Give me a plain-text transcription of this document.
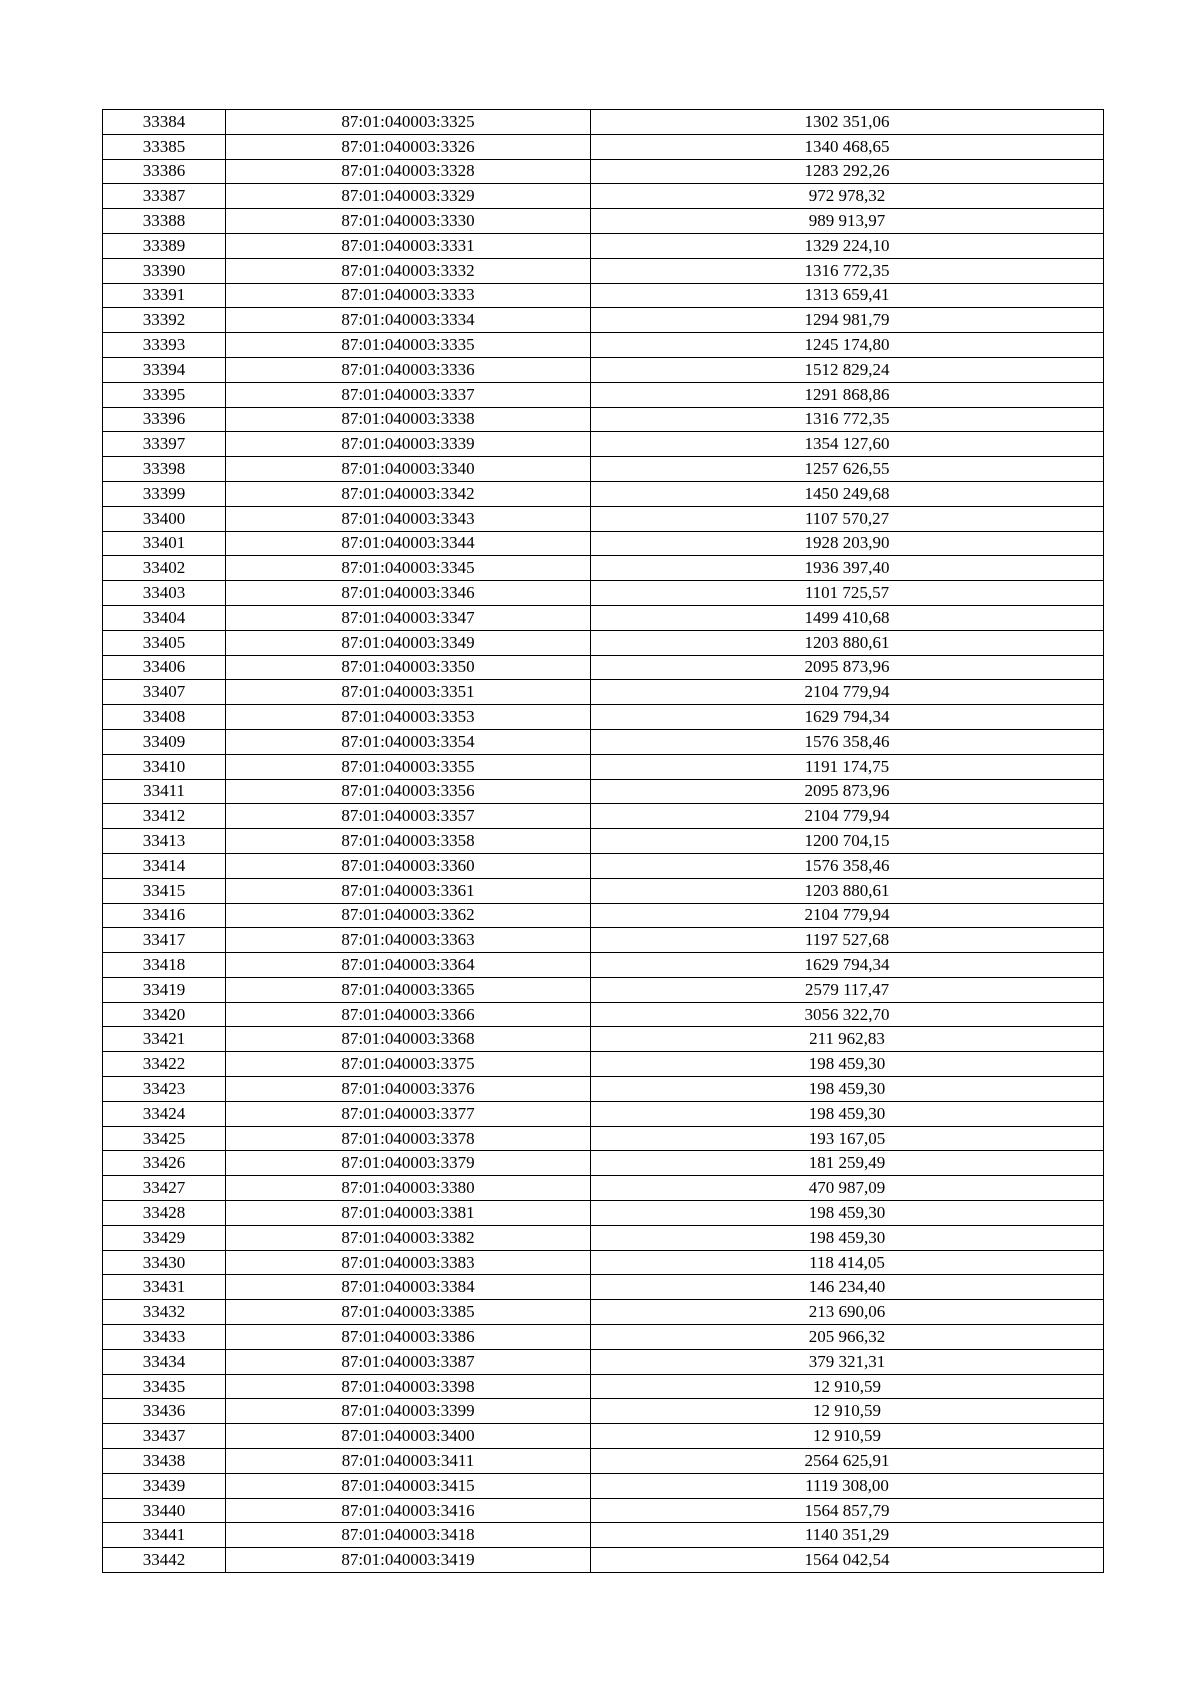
33384	87:01:040003:3325	1302 351,06
33385	87:01:040003:3326	1340 468,65
33386	87:01:040003:3328	1283 292,26
33387	87:01:040003:3329	972 978,32
33388	87:01:040003:3330	989 913,97
33389	87:01:040003:3331	1329 224,10
33390	87:01:040003:3332	1316 772,35
33391	87:01:040003:3333	1313 659,41
33392	87:01:040003:3334	1294 981,79
33393	87:01:040003:3335	1245 174,80
33394	87:01:040003:3336	1512 829,24
33395	87:01:040003:3337	1291 868,86
33396	87:01:040003:3338	1316 772,35
33397	87:01:040003:3339	1354 127,60
33398	87:01:040003:3340	1257 626,55
33399	87:01:040003:3342	1450 249,68
33400	87:01:040003:3343	1107 570,27
33401	87:01:040003:3344	1928 203,90
33402	87:01:040003:3345	1936 397,40
33403	87:01:040003:3346	1101 725,57
33404	87:01:040003:3347	1499 410,68
33405	87:01:040003:3349	1203 880,61
33406	87:01:040003:3350	2095 873,96
33407	87:01:040003:3351	2104 779,94
33408	87:01:040003:3353	1629 794,34
33409	87:01:040003:3354	1576 358,46
33410	87:01:040003:3355	1191 174,75
33411	87:01:040003:3356	2095 873,96
33412	87:01:040003:3357	2104 779,94
33413	87:01:040003:3358	1200 704,15
33414	87:01:040003:3360	1576 358,46
33415	87:01:040003:3361	1203 880,61
33416	87:01:040003:3362	2104 779,94
33417	87:01:040003:3363	1197 527,68
33418	87:01:040003:3364	1629 794,34
33419	87:01:040003:3365	2579 117,47
33420	87:01:040003:3366	3056 322,70
33421	87:01:040003:3368	211 962,83
33422	87:01:040003:3375	198 459,30
33423	87:01:040003:3376	198 459,30
33424	87:01:040003:3377	198 459,30
33425	87:01:040003:3378	193 167,05
33426	87:01:040003:3379	181 259,49
33427	87:01:040003:3380	470 987,09
33428	87:01:040003:3381	198 459,30
33429	87:01:040003:3382	198 459,30
33430	87:01:040003:3383	118 414,05
33431	87:01:040003:3384	146 234,40
33432	87:01:040003:3385	213 690,06
33433	87:01:040003:3386	205 966,32
33434	87:01:040003:3387	379 321,31
33435	87:01:040003:3398	12 910,59
33436	87:01:040003:3399	12 910,59
33437	87:01:040003:3400	12 910,59
33438	87:01:040003:3411	2564 625,91
33439	87:01:040003:3415	1119 308,00
33440	87:01:040003:3416	1564 857,79
33441	87:01:040003:3418	1140 351,29
33442	87:01:040003:3419	1564 042,54
